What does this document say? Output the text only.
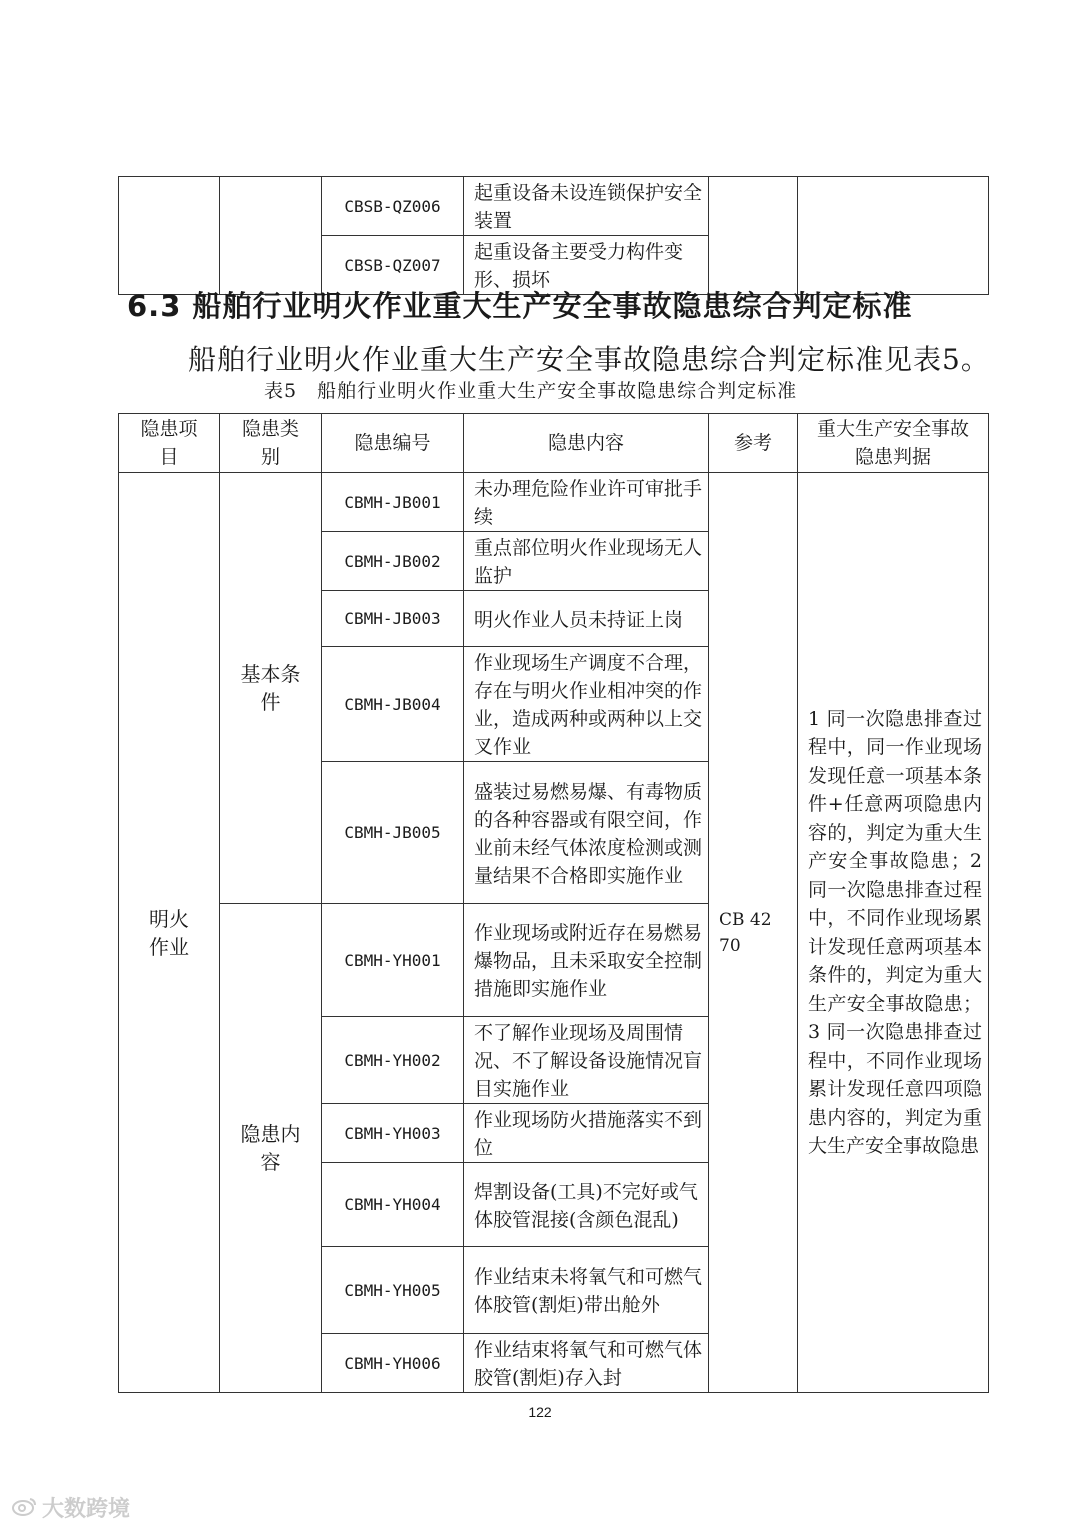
		CBSB-QZ006	起重设备未设连锁保护安全装置		
		CBSB-QZ007	起重设备主要受力构件变形、损坏		
6.3 船舶行业明火作业重大生产安全事故隐患综合判定标准
船舶行业明火作业重大生产安全事故隐患综合判定标准见表5。
表5　船舶行业明火作业重大生产安全事故隐患综合判定标准
隐患项目	隐患类别	隐患编号	隐患内容	参考	重大生产安全事故隐患判据
明火作业	基本条件	CBMH-JB001	未办理危险作业许可审批手续	CB 4270	1 同一次隐患排查过程中，同一作业现场发现任意一项基本条件+任意两项隐患内容的，判定为重大生产安全事故隐患；2 同一次隐患排查过程中，不同作业现场累计发现任意两项基本条件的，判定为重大生产安全事故隐患；3 同一次隐患排查过程中，不同作业现场累计发现任意四项隐患内容的，判定为重大生产安全事故隐患
		CBMH-JB002	重点部位明火作业现场无人监护		
		CBMH-JB003	明火作业人员未持证上岗		
		CBMH-JB004	作业现场生产调度不合理，存在与明火作业相冲突的作业，造成两种或两种以上交叉作业		
		CBMH-JB005	盛装过易燃易爆、有毒物质的各种容器或有限空间，作业前未经气体浓度检测或测量结果不合格即实施作业		
	隐患内容	CBMH-YH001	作业现场或附近存在易燃易爆物品，且未采取安全控制措施即实施作业		
		CBMH-YH002	不了解作业现场及周围情况、不了解设备设施情况盲目实施作业		
		CBMH-YH003	作业现场防火措施落实不到位		
		CBMH-YH004	焊割设备(工具)不完好或气体胶管混接(含颜色混乱)		
		CBMH-YH005	作业结束未将氧气和可燃气体胶管(割炬)带出舱外		
		CBMH-YH006	作业结束将氧气和可燃气体胶管(割炬)存入封		
122
大数跨境
